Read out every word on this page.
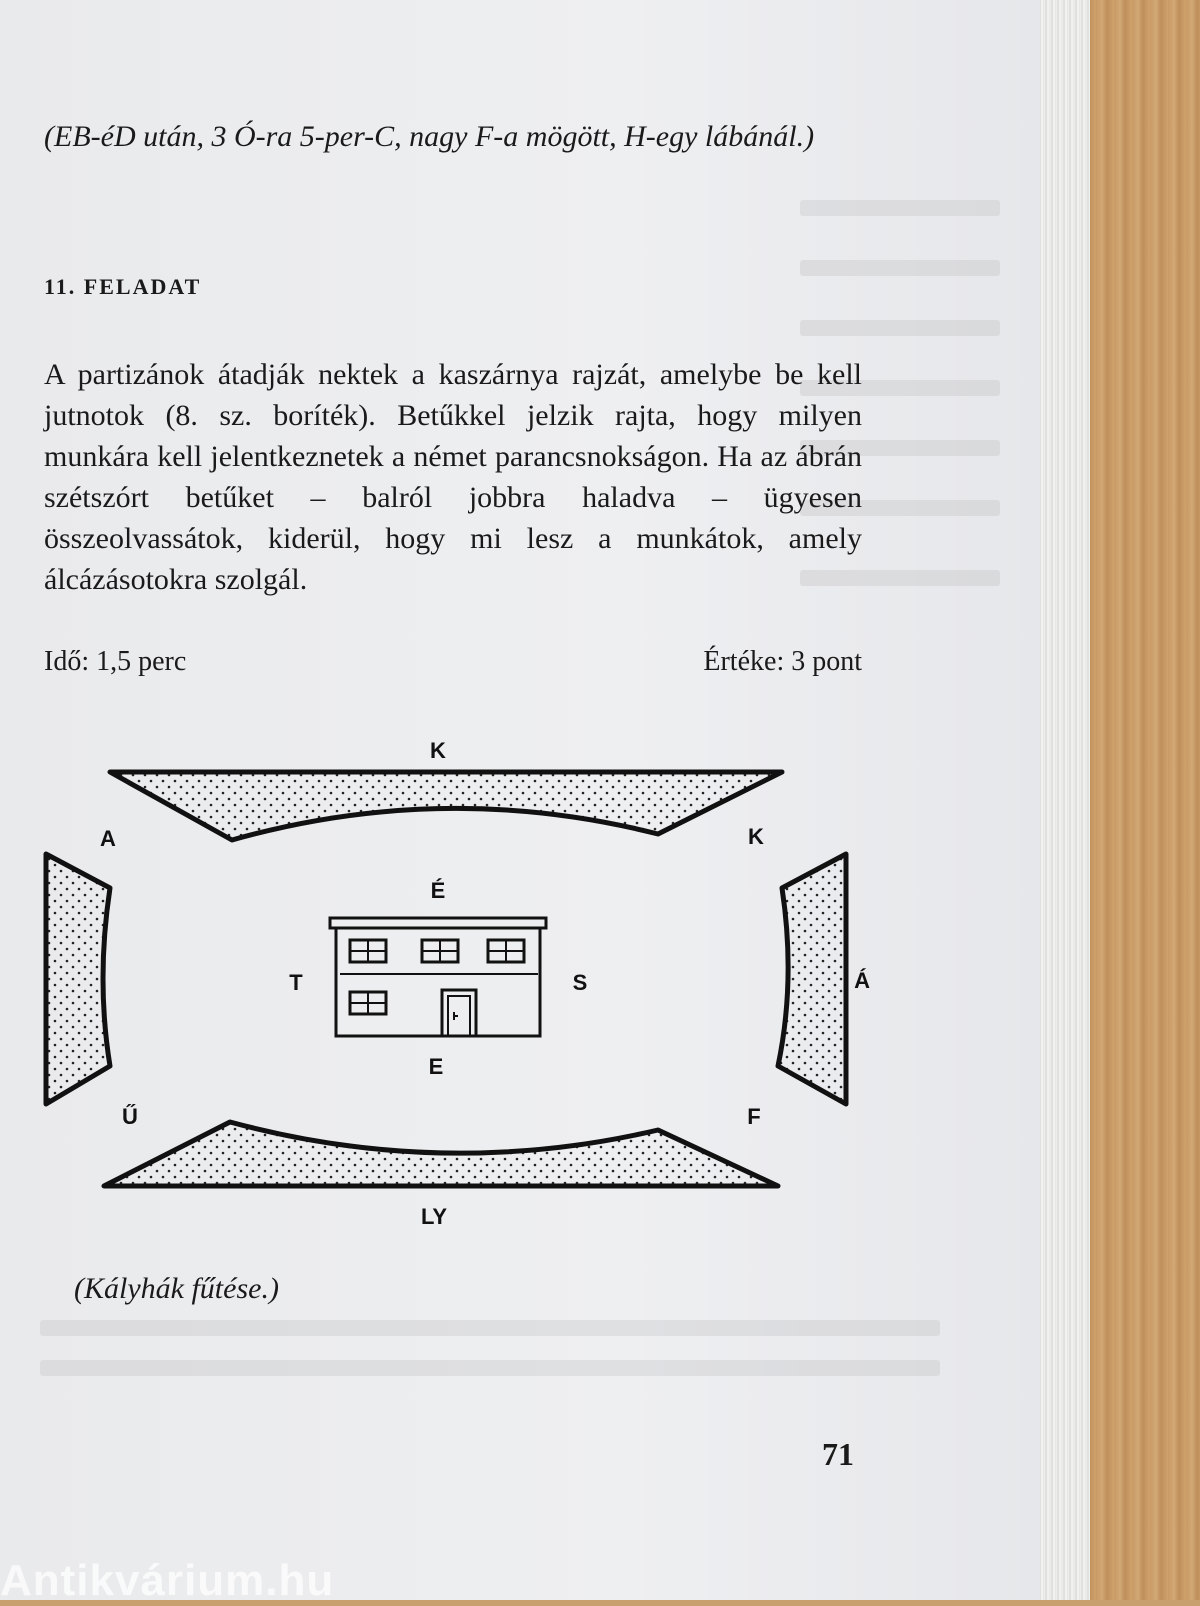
(EB-éD után, 3 Ó-ra 5-per-C, nagy F-a mögött, H-egy lábánál.)
11. FELADAT
A partizánok átadják nektek a kaszárnya rajzát, amelybe be kell jutnotok (8. sz. boríték). Betűkkel jelzik rajta, hogy milyen munkára kell jelentkeznetek a német parancsnokságon. Ha az ábrán szétszórt betűket – balról jobbra haladva – ügyesen összeolvassátok, kiderül, hogy mi lesz a munkátok, amely álcázásotokra szolgál.
Idő: 1,5 perc	Értéke: 3 pont
K
A	K
É
T	S	Á
E
Ű	F
LY
(Kályhák fűtése.)
71
Antikvárium.hu
